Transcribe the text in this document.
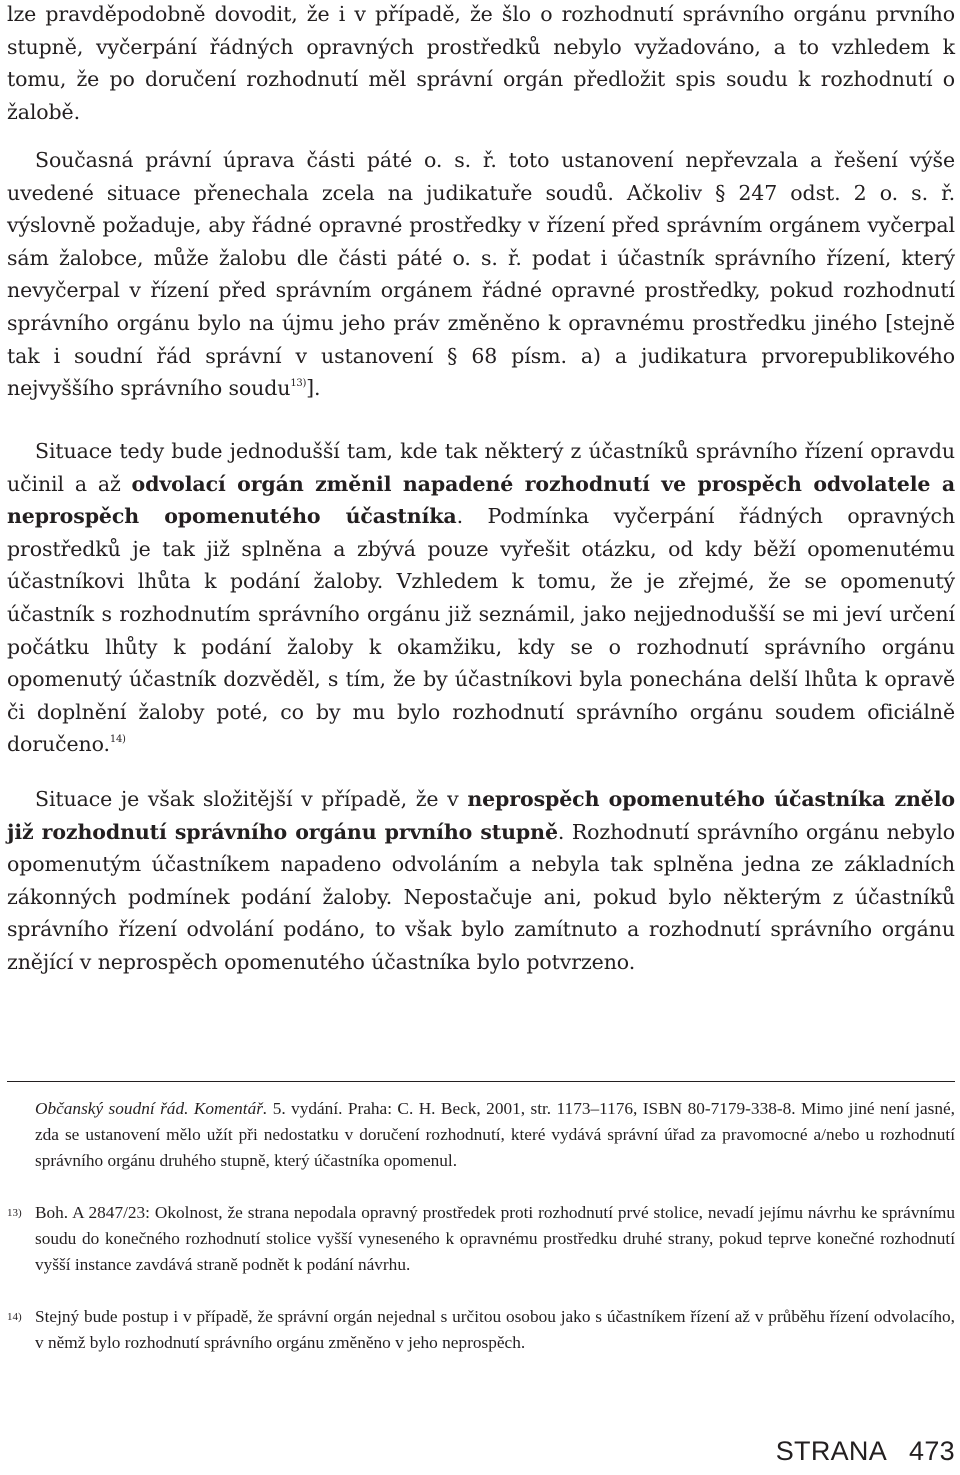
lze pravděpodobně dovodit, že i v případě, že šlo o rozhodnutí správního orgánu prvního stupně, vyčerpání řádných opravných prostředků nebylo vyžadováno, a to vzhledem k tomu, že po doručení rozhodnutí měl správní orgán předložit spis soudu k rozhodnutí o žalobě.

Současná právní úprava části páté o. s. ř. toto ustanovení nepřevzala a řešení výše uvedené situace přenechala zcela na judikatuře soudů. Ačkoliv § 247 odst. 2 o. s. ř. výslovně požaduje, aby řádné opravné prostředky v řízení před správním orgánem vyčerpal sám žalobce, může žalobu dle části páté o. s. ř. podat i účastník správního řízení, který nevyčerpal v řízení před správním orgánem řádné opravné prostředky, pokud rozhodnutí správního orgánu bylo na újmu jeho práv změněno k opravnému prostředku jiného [stejně tak i soudní řád správní v ustanovení § 68 písm. a) a judikatura prvorepublikového nejvyššího správního soudu$^{13)}$].

Situace tedy bude jednodušší tam, kde tak některý z účastníků správního řízení opravdu učinil a až odvolací orgán změnil napadené rozhodnutí ve prospěch odvolatele a neprospěch opomenutého účastníka. Podmínka vyčerpání řádných opravných prostředků je tak již splněna a zbývá pouze vyřešit otázku, od kdy běží opomenutému účastníkovi lhůta k podání žaloby. Vzhledem k tomu, že je zřejmé, že se opomenutý účastník s rozhodnutím správního orgánu již seznámil, jako nejjednodušší se mi jeví určení počátku lhůty k podání žaloby k okamžiku, kdy se o rozhodnutí správního orgánu opomenutý účastník dozvěděl, s tím, že by účastníkovi byla ponechána delší lhůta k opravě či doplnění žaloby poté, co by mu bylo rozhodnutí správního orgánu soudem oficiálně doručeno.$^{14)}$

Situace je však složitější v případě, že v neprospěch opomenutého účastníka znělo již rozhodnutí správního orgánu prvního stupně. Rozhodnutí správního orgánu nebylo opomenutým účastníkem napadeno odvoláním a nebyla tak splněna jedna ze základních zákonných podmínek podání žaloby. Nepostačuje ani, pokud bylo některým z účastníků správního řízení odvolání podáno, to však bylo zamítnuto a rozhodnutí správního orgánu znějící v neprospěch opomenutého účastníka bylo potvrzeno.

Občanský soudní řád. Komentář. 5. vydání. Praha: C. H. Beck, 2001, str. 1173–1176, ISBN 80-7179-338-8. Mimo jiné není jasné, zda se ustanovení mělo užít při nedostatku v doručení rozhodnutí, které vydává správní úřad za pravomocné a/nebo u rozhodnutí správního orgánu druhého stupně, který účastníka opomenul.
13) Boh. A 2847/23: Okolnost, že strana nepodala opravný prostředek proti rozhodnutí prvé stolice, nevadí jejímu návrhu ke správnímu soudu do konečného rozhodnutí stolice vyšší vyneseného k opravnému prostředku druhé strany, pokud teprve konečné rozhodnutí vyšší instance zavdává straně podnět k podání návrhu.
14) Stejný bude postup i v případě, že správní orgán nejednal s určitou osobou jako s účastníkem řízení až v průběhu řízení odvolacího, v němž bylo rozhodnutí správního orgánu změněno v jeho neprospěch.
STRANA 473
